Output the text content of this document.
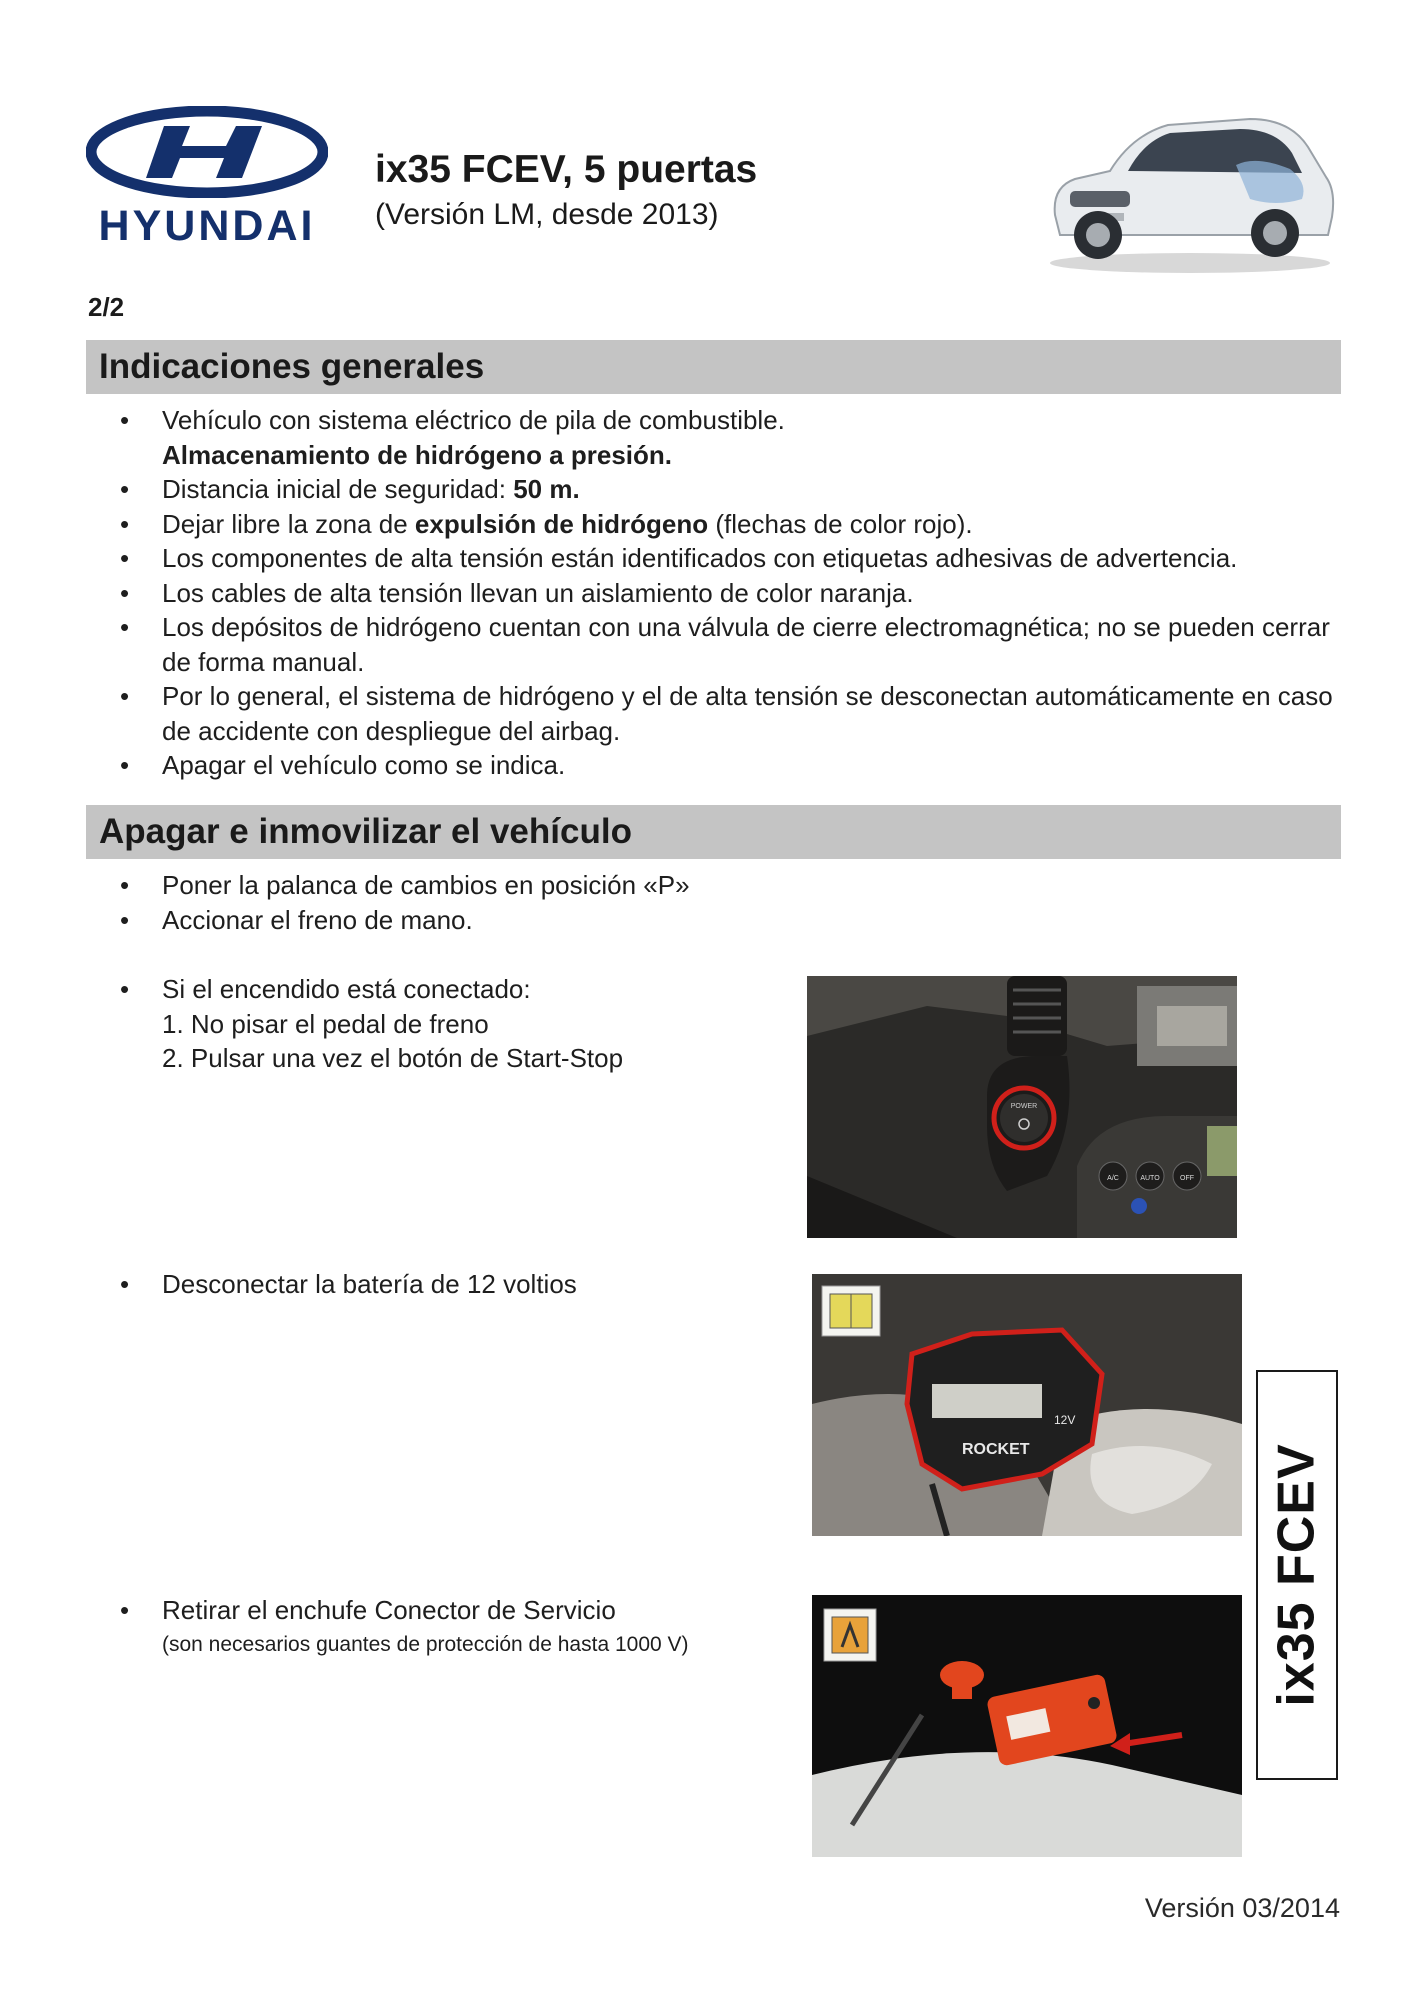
HYUNDAI
ix35 FCEV, 5 puertas
(Versión LM, desde 2013)
2/2
Indicaciones generales
• Vehículo con sistema eléctrico de pila de combustible.
Almacenamiento de hidrógeno a presión.
• Distancia inicial de seguridad: 50 m.
• Dejar libre la zona de expulsión de hidrógeno (flechas de color rojo).
• Los componentes de alta tensión están identificados con etiquetas adhesivas de advertencia.
• Los cables de alta tensión llevan un aislamiento de color naranja.
• Los depósitos de hidrógeno cuentan con una válvula de cierre electromagnética; no se pueden cerrar de forma manual.
• Por lo general, el sistema de hidrógeno y el de alta tensión se desconectan automáticamente en caso de accidente con despliegue del airbag.
• Apagar el vehículo como se indica.
Apagar e inmovilizar el vehículo
• Poner la palanca de cambios en posición «P»
• Accionar el freno de mano.
• Si el encendido está conectado:
1. No pisar el pedal de freno
2. Pulsar una vez el botón de Start-Stop
POWER
A/C	AUTO	OFF
•	Desconectar la batería de 12 voltios
ROCKET
12V
• Retirar el enchufe Conector de Servicio
(son necesarios guantes de protección de hasta 1000 V)	ix35 FCEV
Versión 03/2014
